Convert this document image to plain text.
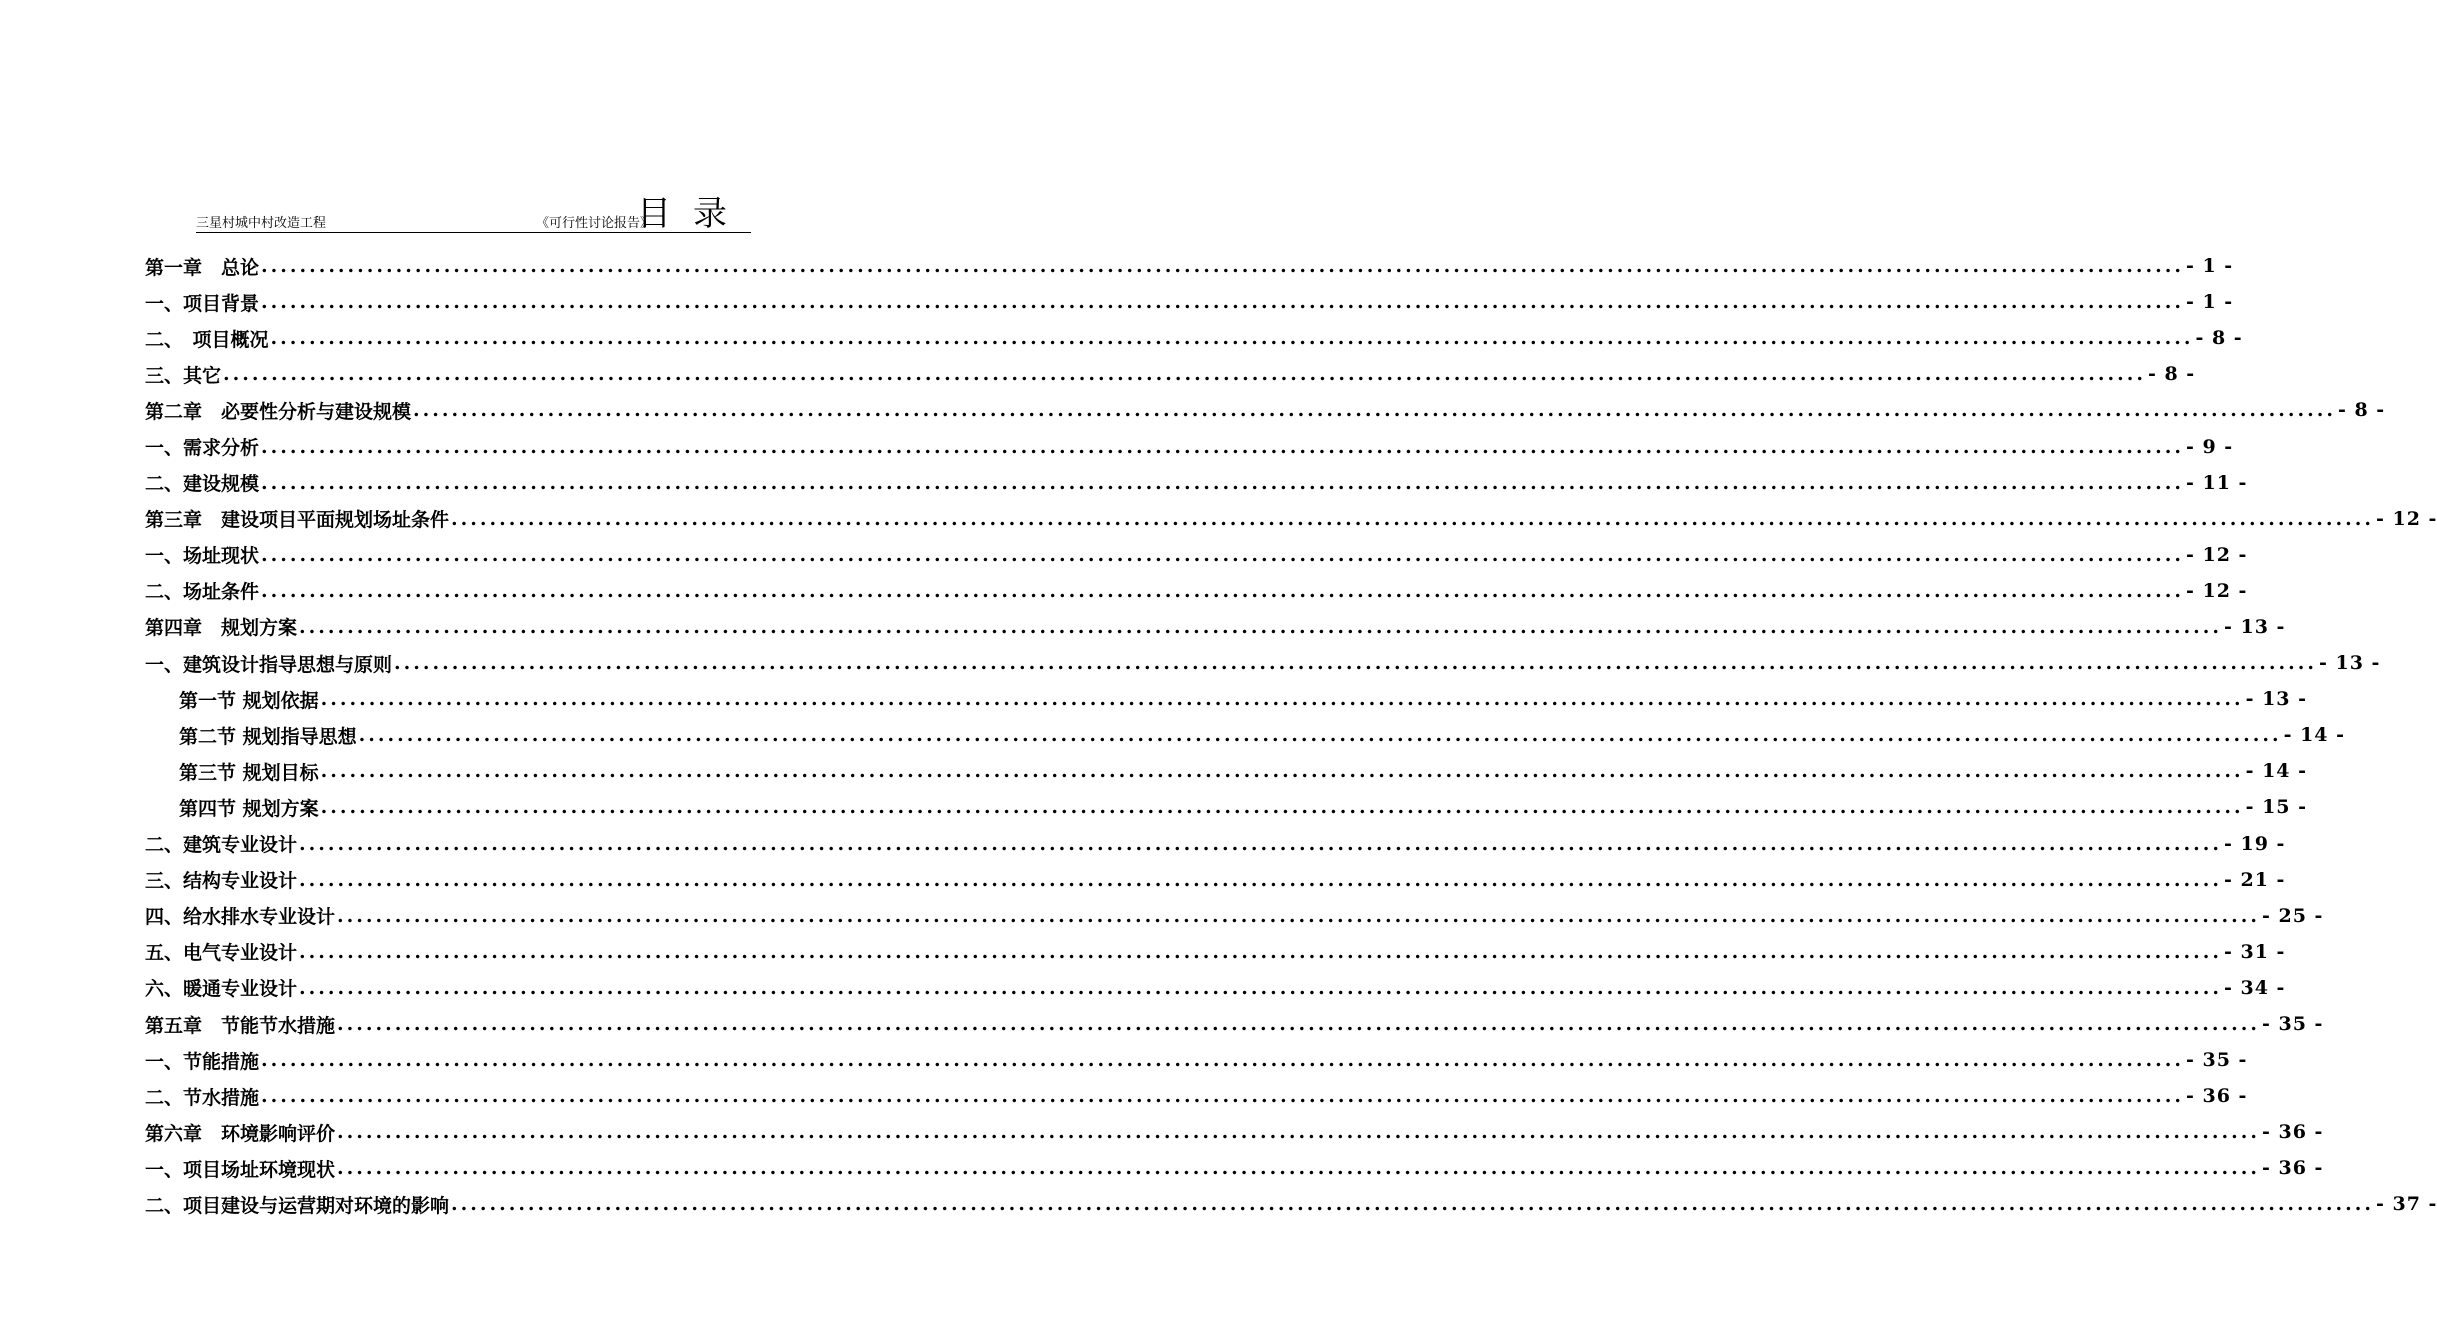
三星村城中村改造工程	《可行性讨论报告》
目录
第一章　总论 ........................................................................................................................................................................................................ - 1 -
一、项目背景 ........................................................................................................................................................................................................ - 1 -
二、　项目概况 ........................................................................................................................................................................................................ - 8 -
三、其它 ........................................................................................................................................................................................................ - 8 -
第二章　必要性分析与建设规模 ........................................................................................................................................................................................................ - 8 -
一、需求分析 ........................................................................................................................................................................................................ - 9 -
二、建设规模 ........................................................................................................................................................................................................ - 11 -
第三章　建设项目平面规划场址条件 ........................................................................................................................................................................................................ - 12 -
一、场址现状 ........................................................................................................................................................................................................ - 12 -
二、场址条件 ........................................................................................................................................................................................................ - 12 -
第四章　规划方案 ........................................................................................................................................................................................................ - 13 -
一、建筑设计指导思想与原则 ........................................................................................................................................................................................................ - 13 -
第一节 规划依据 ........................................................................................................................................................................................................ - 13 -
第二节 规划指导思想 ........................................................................................................................................................................................................ - 14 -
第三节 规划目标 ........................................................................................................................................................................................................ - 14 -
第四节 规划方案 ........................................................................................................................................................................................................ - 15 -
二、建筑专业设计 ........................................................................................................................................................................................................ - 19 -
三、结构专业设计 ........................................................................................................................................................................................................ - 21 -
四、给水排水专业设计 ........................................................................................................................................................................................................ - 25 -
五、电气专业设计 ........................................................................................................................................................................................................ - 31 -
六、暖通专业设计 ........................................................................................................................................................................................................ - 34 -
第五章　节能节水措施 ........................................................................................................................................................................................................ - 35 -
一、节能措施 ........................................................................................................................................................................................................ - 35 -
二、节水措施 ........................................................................................................................................................................................................ - 36 -
第六章　环境影响评价 ........................................................................................................................................................................................................ - 36 -
一、项目场址环境现状 ........................................................................................................................................................................................................ - 36 -
二、项目建设与运营期对环境的影响 ........................................................................................................................................................................................................ - 37 -
